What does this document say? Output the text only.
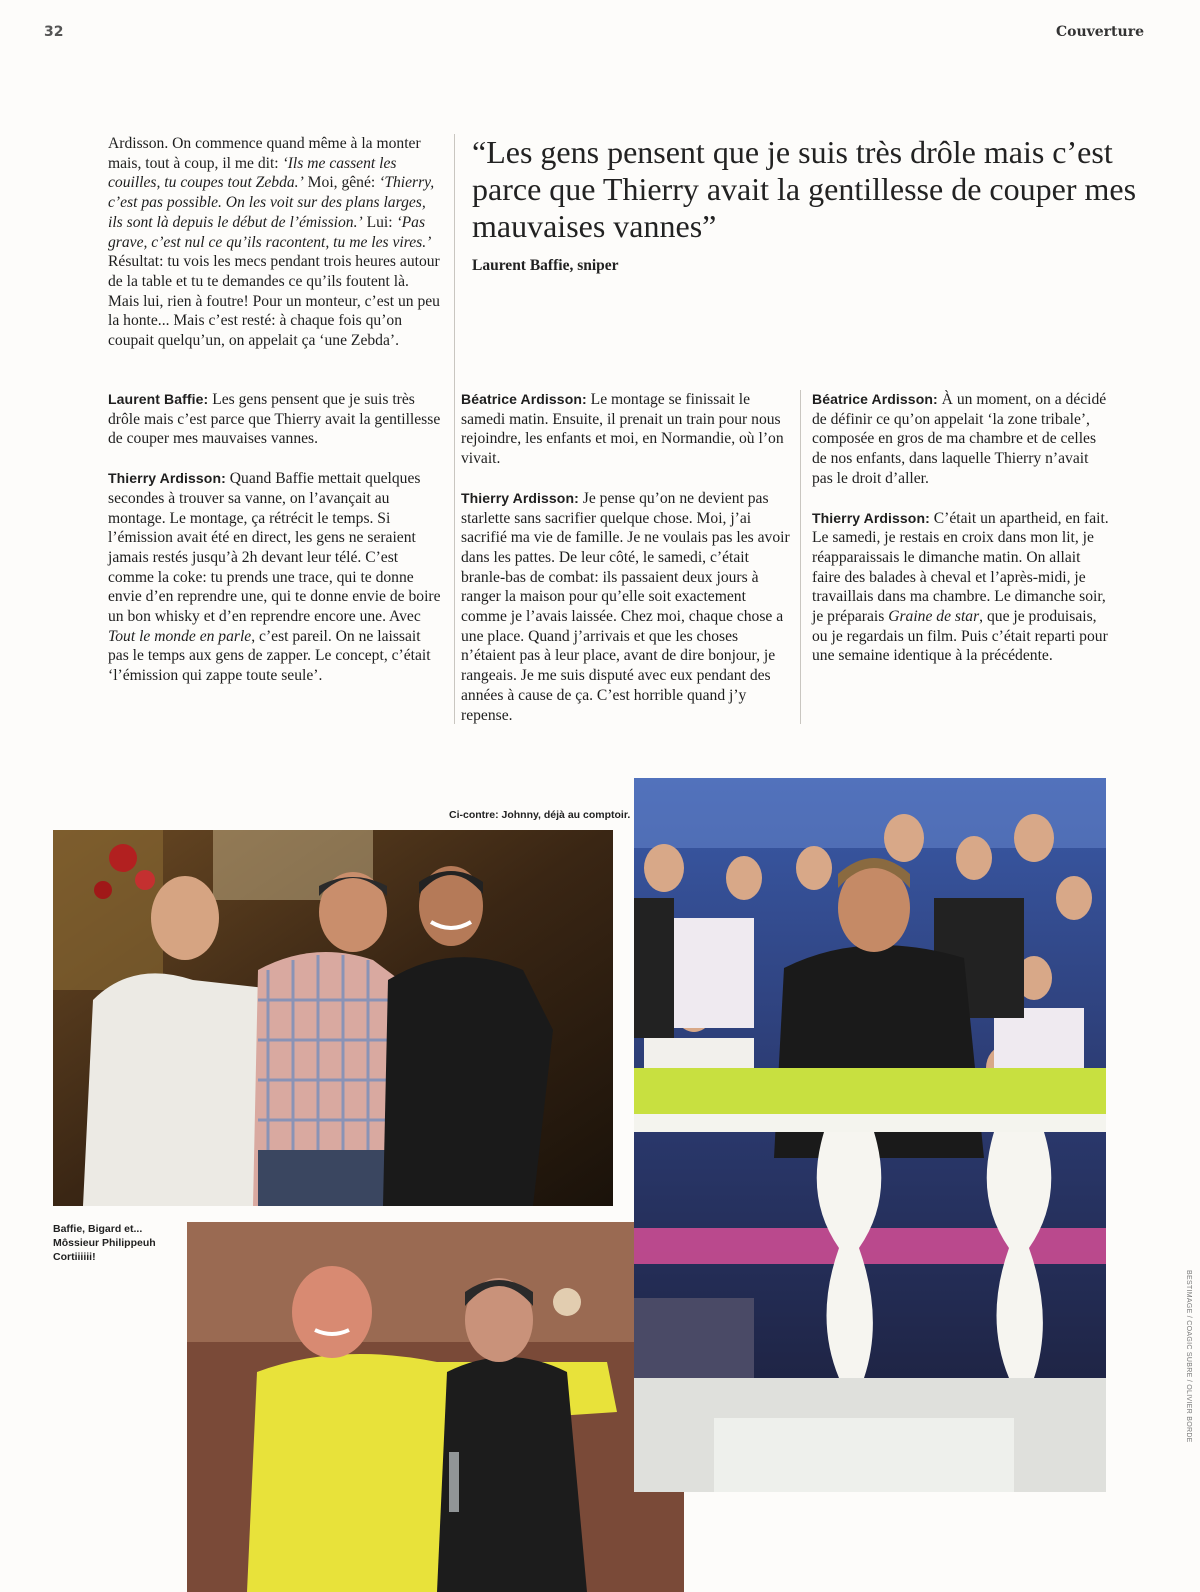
32	Couverture

Ardisson. On commence quand même à la monter mais, tout à coup, il me dit: ‘Ils me cassent les couilles, tu coupes tout Zebda.’ Moi, gêné: ‘Thierry, c’est pas possible. On les voit sur des plans larges, ils sont là depuis le début de l’émission.’ Lui: ‘Pas grave, c’est nul ce qu’ils racontent, tu me les vires.’ Résultat: tu vois les mecs pendant trois heures autour de la table et tu te demandes ce qu’ils foutent là. Mais lui, rien à foutre! Pour un monteur, c’est un peu la honte... Mais c’est resté: à chaque fois qu’on coupait quelqu’un, on appelait ça ‘une Zebda’.

“Les gens pensent que je suis très drôle mais c’est parce que Thierry avait la gentillesse de couper mes mauvaises vannes”
Laurent Baffie, sniper

Laurent Baffie: Les gens pensent que je suis très drôle mais c’est parce que Thierry avait la gentillesse de couper mes mauvaises vannes.

Thierry Ardisson: Quand Baffie mettait quelques secondes à trouver sa vanne, on l’avançait au montage. Le montage, ça rétrécit le temps. Si l’émission avait été en direct, les gens ne seraient jamais restés jusqu’à 2h devant leur télé. C’est comme la coke: tu prends une trace, qui te donne envie d’en reprendre une, qui te donne envie de boire un bon whisky et d’en reprendre encore une. Avec Tout le monde en parle, c’est pareil. On ne laissait pas le temps aux gens de zapper. Le concept, c’était ‘l’émission qui zappe toute seule’.

Béatrice Ardisson: Le montage se finissait le samedi matin. Ensuite, il prenait un train pour nous rejoindre, les enfants et moi, en Normandie, où l’on vivait.

Thierry Ardisson: Je pense qu’on ne devient pas starlette sans sacrifier quelque chose. Moi, j’ai sacrifié ma vie de famille. Je ne voulais pas les avoir dans les pattes. De leur côté, le samedi, c’était branle-bas de combat: ils passaient deux jours à ranger la maison pour qu’elle soit exactement comme je l’avais laissée. Chez moi, chaque chose a une place. Quand j’arrivais et que les choses n’étaient pas à leur place, avant de dire bonjour, je rangeais. Je me suis disputé avec eux pendant des années à cause de ça. C’est horrible quand j’y repense.

Béatrice Ardisson: À un moment, on a décidé de définir ce qu’on appelait ‘la zone tribale’, composée en gros de ma chambre et de celles de nos enfants, dans laquelle Thierry n’avait pas le droit d’aller.

Thierry Ardisson: C’était un apartheid, en fait. Le samedi, je restais en croix dans mon lit, je réapparaissais le dimanche matin. On allait faire des balades à cheval et l’après-midi, je travaillais dans ma chambre. Le dimanche soir, je préparais Graine de star, que je produisais, ou je regardais un film. Puis c’était reparti pour une semaine identique à la précédente.

Ci-contre: Johnny, déjà au comptoir.
Baffie, Bigard et...
Môssieur Philippeuh
Cortiiiiii!
BESTIMAGE / COAGIC SUBRE / OLIVIER BORDE
